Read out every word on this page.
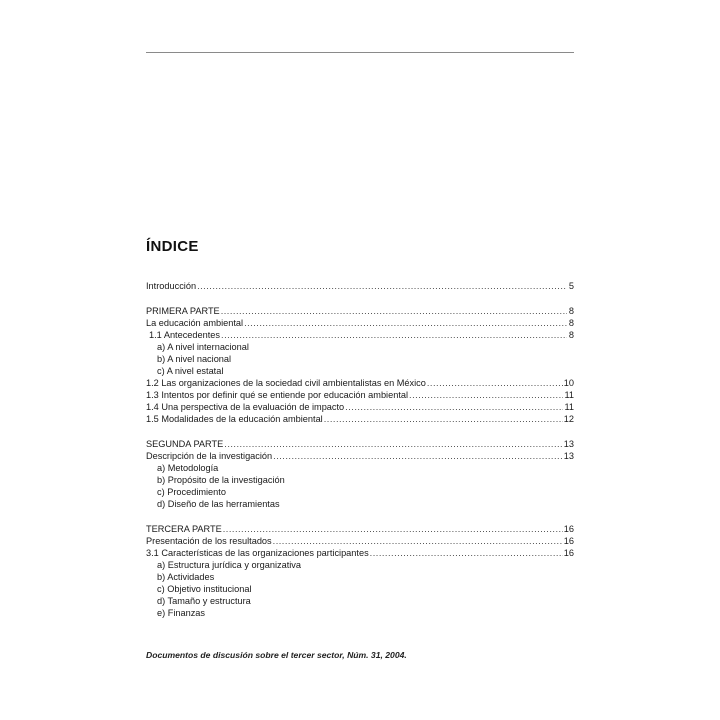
ÍNDICE
Introducción .....	5
PRIMERA PARTE .....	8
La educación ambiental .....	8
1.1 Antecedentes .....	8
a) A nivel internacional
b) A nivel nacional
c) A nivel estatal
1.2 Las organizaciones de la sociedad civil ambientalistas en México .....	10
1.3 Intentos por definir qué se entiende por educación ambiental .....	11
1.4 Una perspectiva de la evaluación de impacto .....	11
1.5 Modalidades de la educación ambiental .....	12
SEGUNDA PARTE .....	13
Descripción de la investigación .....	13
a) Metodología
b) Propósito de la investigación
c) Procedimiento
d) Diseño de las herramientas
TERCERA PARTE .....	16
Presentación de los resultados .....	16
3.1 Características de las organizaciones participantes .....	16
a) Estructura jurídica y organizativa
b) Actividades
c) Objetivo institucional
d) Tamaño y estructura
e) Finanzas
Documentos de discusión sobre el tercer sector, Núm. 31, 2004.
